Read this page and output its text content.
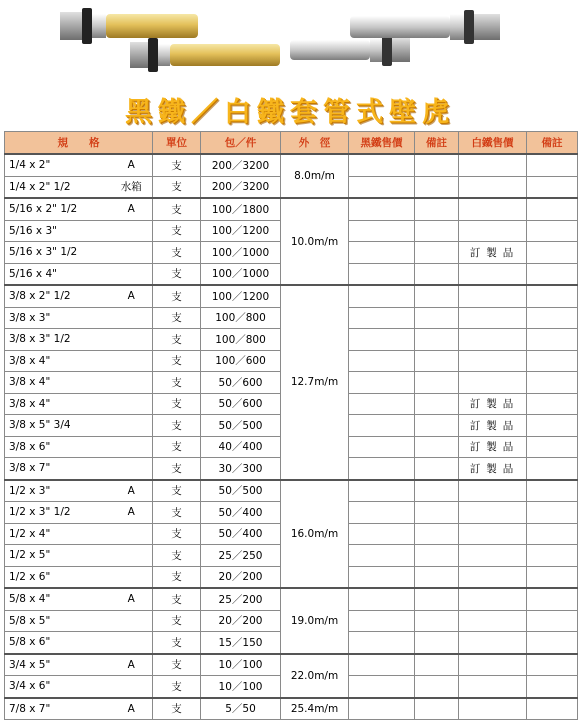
黑鐵／白鐵套管式壁虎
規　　格		單位	包／件	外　徑	黑鐵售價	備註	白鐵售價	備註
1/4 x 2"	A	支	200／3200	8.0m/m				
1/4 x 2" 1/2	水箱	支	200／3200					
5/16 x 2" 1/2	A	支	100／1800	10.0m/m				
5/16 x 3"		支	100／1200					
5/16 x 3" 1/2		支	100／1000				訂製品	
5/16 x 4"		支	100／1000					
3/8 x 2" 1/2	A	支	100／1200	12.7m/m				
3/8 x 3"		支	100／800					
3/8 x 3" 1/2		支	100／800					
3/8 x 4"		支	100／600					
3/8 x 4"		支	50／600					
3/8 x 4"		支	50／600				訂製品	
3/8 x 5" 3/4		支	50／500				訂製品	
3/8 x 6"		支	40／400				訂製品	
3/8 x 7"		支	30／300				訂製品	
1/2 x 3"	A	支	50／500	16.0m/m				
1/2 x 3" 1/2	A	支	50／400					
1/2 x 4"		支	50／400					
1/2 x 5"		支	25／250					
1/2 x 6"		支	20／200					
5/8 x 4"	A	支	25／200	19.0m/m				
5/8 x 5"		支	20／200					
5/8 x 6"		支	15／150					
3/4 x 5"	A	支	10／100	22.0m/m				
3/4 x 6"		支	10／100					
7/8 x 7"	A	支	5／50	25.4m/m				
